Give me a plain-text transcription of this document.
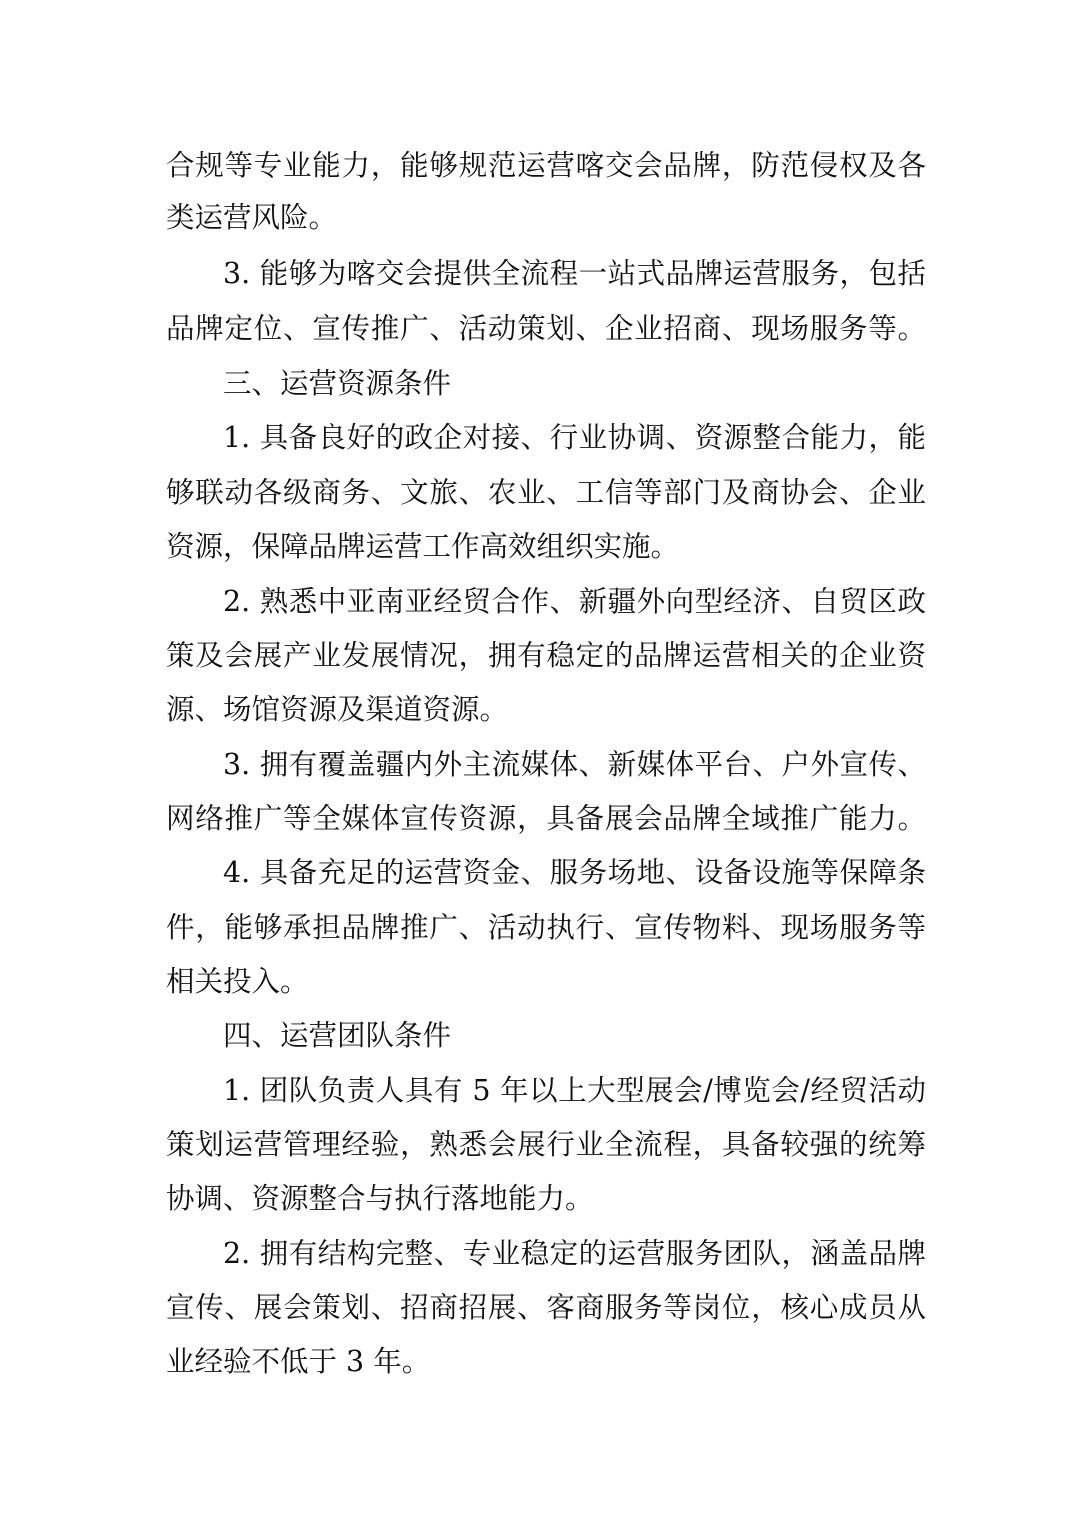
合规等专业能力，能够规范运营喀交会品牌，防范侵权及各
类运营风险。
3. 能够为喀交会提供全流程一站式品牌运营服务，包括
品牌定位、宣传推广、活动策划、企业招商、现场服务等。
三、运营资源条件
1. 具备良好的政企对接、行业协调、资源整合能力，能
够联动各级商务、文旅、农业、工信等部门及商协会、企业
资源，保障品牌运营工作高效组织实施。
2. 熟悉中亚南亚经贸合作、新疆外向型经济、自贸区政
策及会展产业发展情况，拥有稳定的品牌运营相关的企业资
源、场馆资源及渠道资源。
3. 拥有覆盖疆内外主流媒体、新媒体平台、户外宣传、
网络推广等全媒体宣传资源，具备展会品牌全域推广能力。
4. 具备充足的运营资金、服务场地、设备设施等保障条
件，能够承担品牌推广、活动执行、宣传物料、现场服务等
相关投入。
四、运营团队条件
1. 团队负责人具有 5 年以上大型展会/博览会/经贸活动
策划运营管理经验，熟悉会展行业全流程，具备较强的统筹
协调、资源整合与执行落地能力。
2. 拥有结构完整、专业稳定的运营服务团队，涵盖品牌
宣传、展会策划、招商招展、客商服务等岗位，核心成员从
业经验不低于 3 年。
